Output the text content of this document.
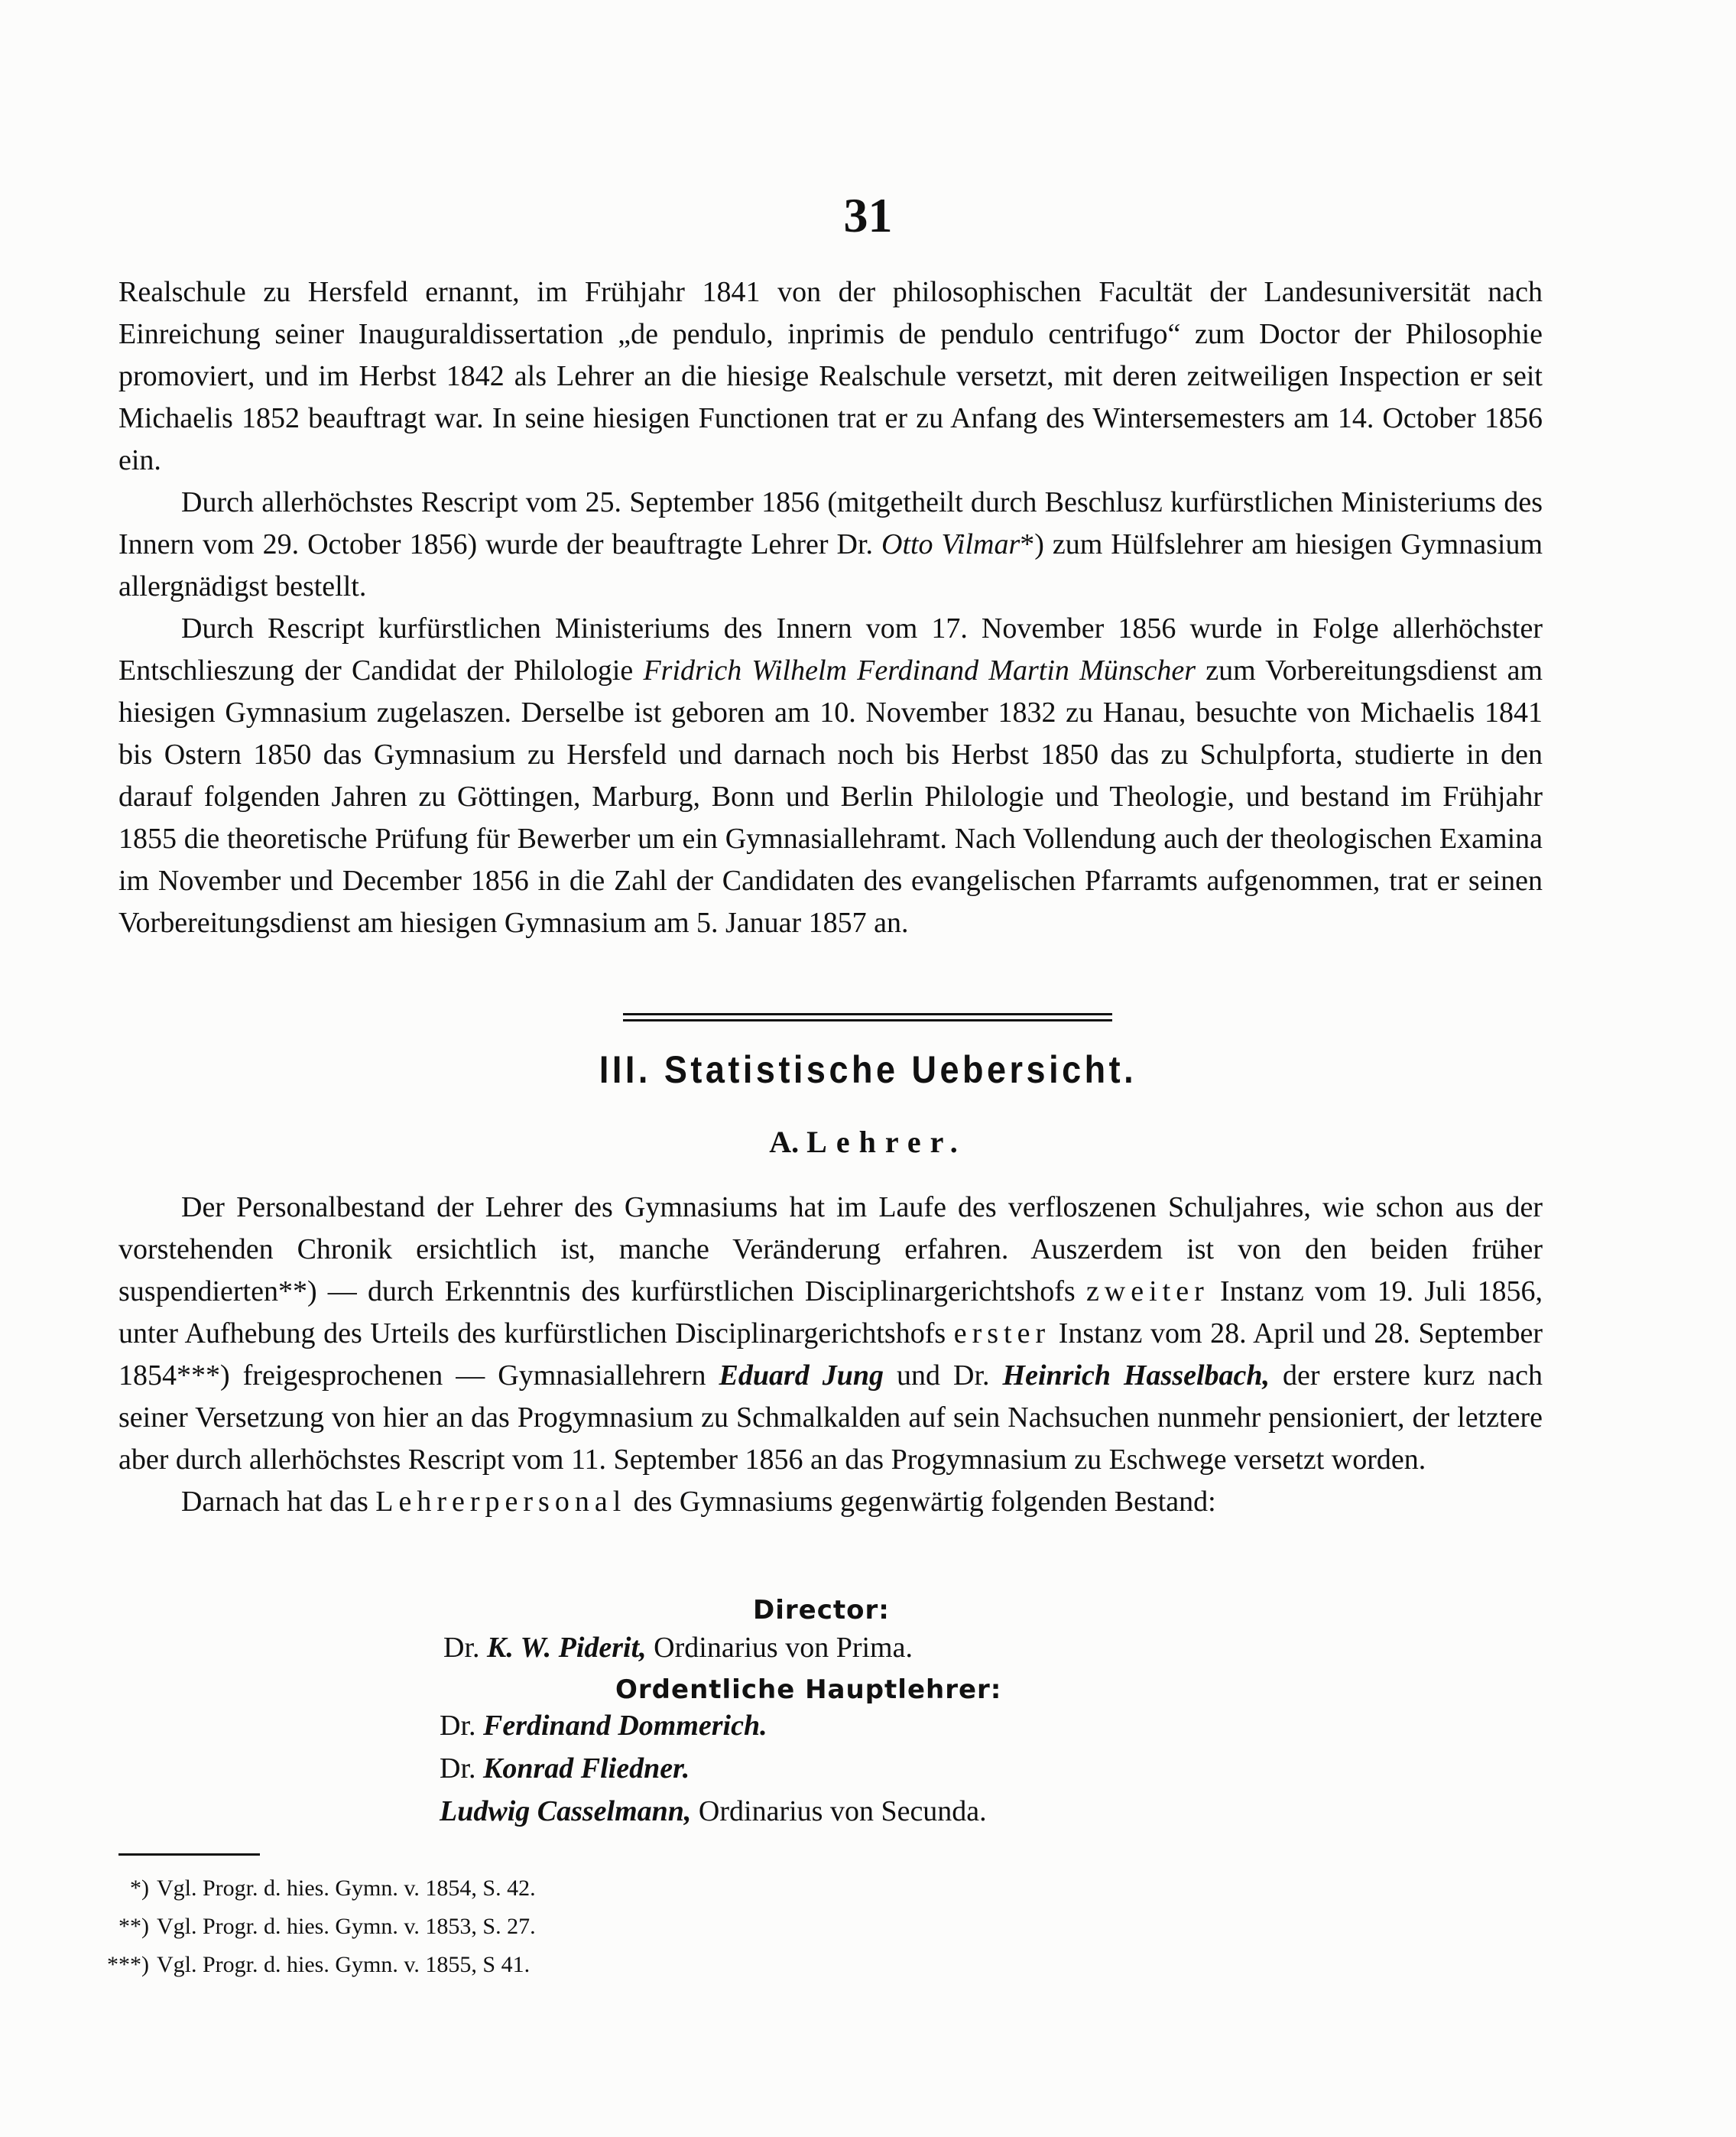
31

Realschule zu Hersfeld ernannt, im Frühjahr 1841 von der philosophischen Facultät der Landesuniversität nach Einreichung seiner Inauguraldissertation „de pendulo, inprimis de pendulo centrifugo“ zum Doctor der Philosophie promoviert, und im Herbst 1842 als Lehrer an die hiesige Realschule versetzt, mit deren zeitweiligen Inspection er seit Michaelis 1852 beauftragt war. In seine hiesigen Functionen trat er zu Anfang des Wintersemesters am 14. October 1856 ein.

Durch allerhöchstes Rescript vom 25. September 1856 (mitgetheilt durch Beschlusz kurfürstlichen Ministeriums des Innern vom 29. October 1856) wurde der beauftragte Lehrer Dr. Otto Vilmar*) zum Hülfslehrer am hiesigen Gymnasium allergnädigst bestellt.

Durch Rescript kurfürstlichen Ministeriums des Innern vom 17. November 1856 wurde in Folge allerhöchster Entschlieszung der Candidat der Philologie Fridrich Wilhelm Ferdinand Martin Münscher zum Vorbereitungsdienst am hiesigen Gymnasium zugelaszen. Derselbe ist geboren am 10. November 1832 zu Hanau, besuchte von Michaelis 1841 bis Ostern 1850 das Gymnasium zu Hersfeld und darnach noch bis Herbst 1850 das zu Schulpforta, studierte in den darauf folgenden Jahren zu Göttingen, Marburg, Bonn und Berlin Philologie und Theologie, und bestand im Frühjahr 1855 die theoretische Prüfung für Bewerber um ein Gymnasiallehramt. Nach Vollendung auch der theologischen Examina im November und December 1856 in die Zahl der Candidaten des evangelischen Pfarramts aufgenommen, trat er seinen Vorbereitungsdienst am hiesigen Gymnasium am 5. Januar 1857 an.

III. Statistische Uebersicht.
A. Lehrer.

Der Personalbestand der Lehrer des Gymnasiums hat im Laufe des verfloszenen Schuljahres, wie schon aus der vorstehenden Chronik ersichtlich ist, manche Veränderung erfahren. Auszerdem ist von den beiden früher suspendierten**) — durch Erkenntnis des kurfürstlichen Disciplinargerichtshofs zweiter Instanz vom 19. Juli 1856, unter Aufhebung des Urteils des kurfürstlichen Disciplinargerichtshofs erster Instanz vom 28. April und 28. September 1854***) freigesprochenen — Gymnasiallehrern Eduard Jung und Dr. Heinrich Hasselbach, der erstere kurz nach seiner Versetzung von hier an das Progymnasium zu Schmalkalden auf sein Nachsuchen nunmehr pensioniert, der letztere aber durch allerhöchstes Rescript vom 11. September 1856 an das Progymnasium zu Eschwege versetzt worden.

Darnach hat das Lehrerpersonal des Gymnasiums gegenwärtig folgenden Bestand:

Director:
Dr. K. W. Piderit, Ordinarius von Prima.
Ordentliche Hauptlehrer:
Dr. Ferdinand Dommerich.
Dr. Konrad Fliedner.
Ludwig Casselmann, Ordinarius von Secunda.
*) Vgl. Progr. d. hies. Gymn. v. 1854, S. 42.
**) Vgl. Progr. d. hies. Gymn. v. 1853, S. 27.
***) Vgl. Progr. d. hies. Gymn. v. 1855, S 41.
